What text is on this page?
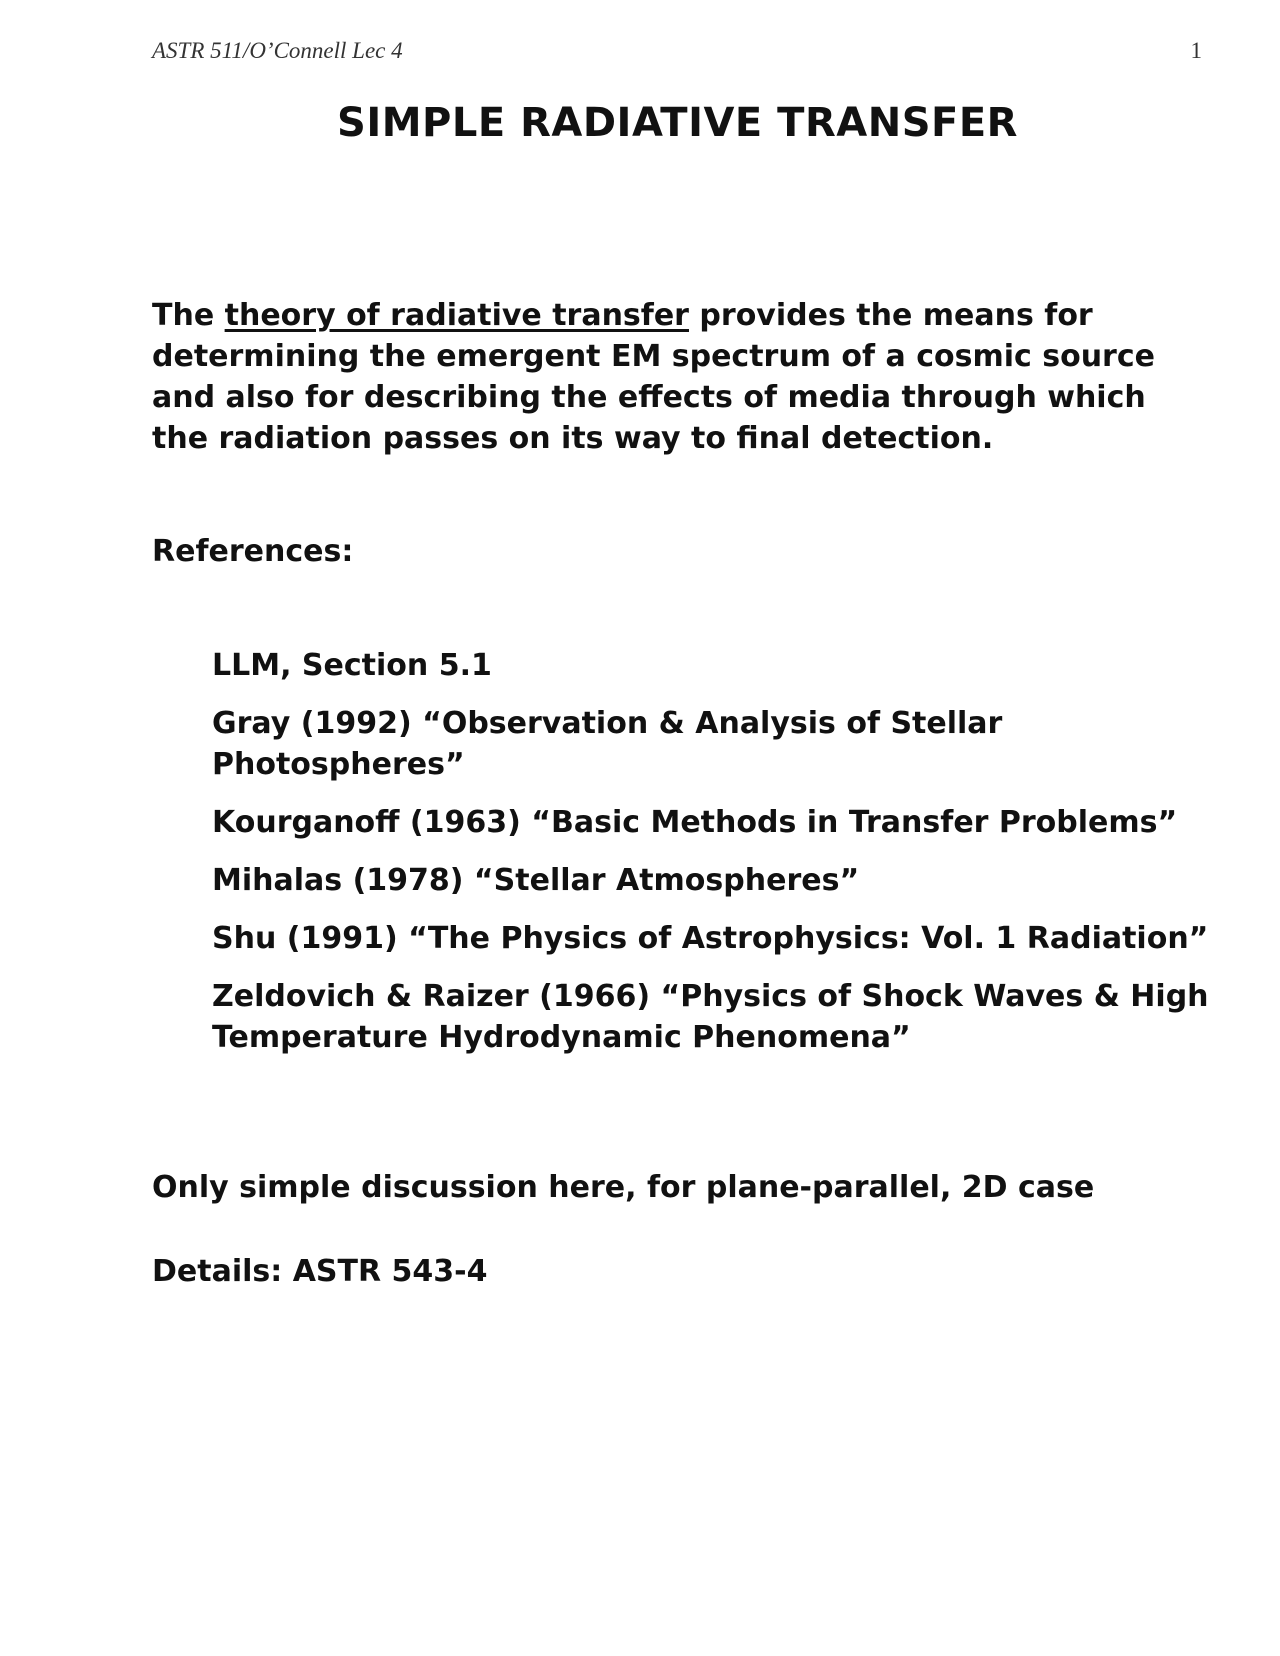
ASTR 511/O’Connell Lec 4	1
SIMPLE RADIATIVE TRANSFER

The theory of radiative transfer provides the means for determining the emergent EM spectrum of a cosmic source and also for describing the effects of media through which the radiation passes on its way to final detection.

References:
LLM, Section 5.1
Gray (1992) “Observation & Analysis of Stellar Photospheres”
Kourganoff (1963) “Basic Methods in Transfer Problems”
Mihalas (1978) “Stellar Atmospheres”
Shu (1991) “The Physics of Astrophysics: Vol. 1 Radiation”
Zeldovich & Raizer (1966) “Physics of Shock Waves & High Temperature Hydrodynamic Phenomena”
Only simple discussion here, for plane-parallel, 2D case
Details: ASTR 543-4
